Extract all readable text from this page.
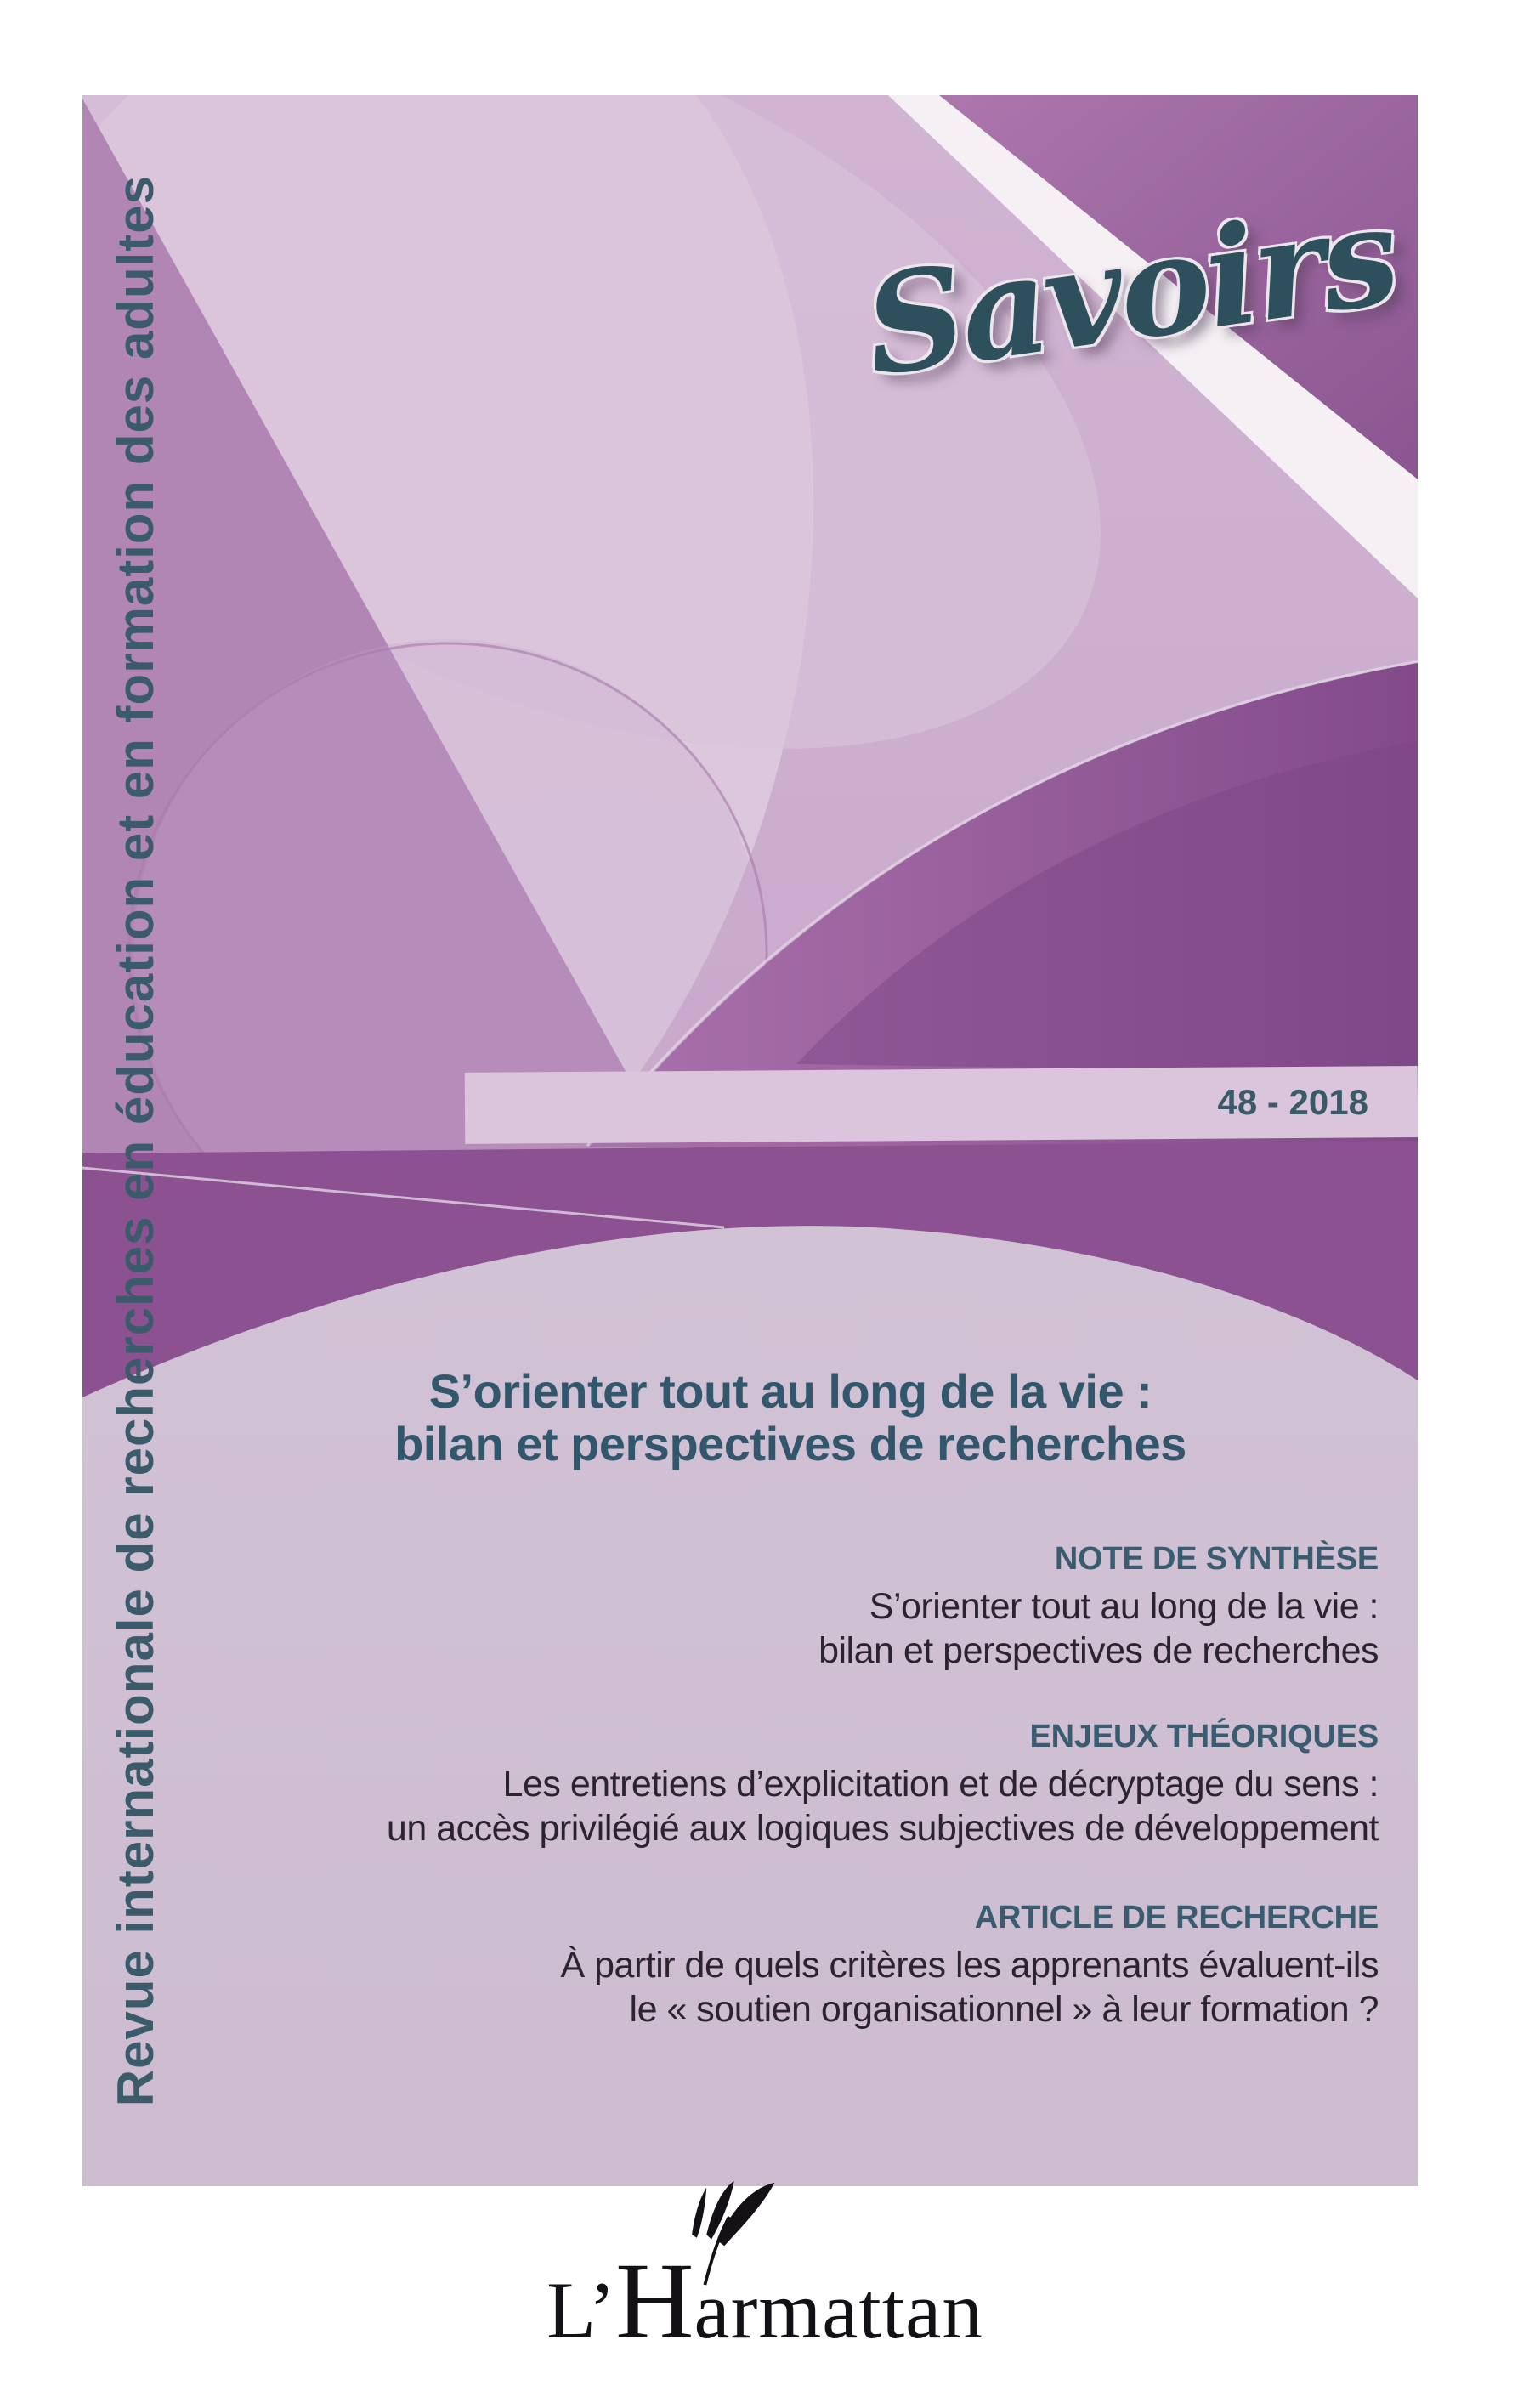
Revue internationale de recherches en éducation et en formation des adultes	Savoirs
48 - 2018
S’orienter tout au long de la vie :
bilan et perspectives de recherches
NOTE DE SYNTHÈSE
S’orienter tout au long de la vie :
bilan et perspectives de recherches
ENJEUX THÉORIQUES
Les entretiens d’explicitation et de décryptage du sens :
un accès privilégié aux logiques subjectives de développement
ARTICLE DE RECHERCHE
À partir de quels critères les apprenants évaluent-ils
le « soutien organisationnel » à leur formation ?
L’Harmattan
